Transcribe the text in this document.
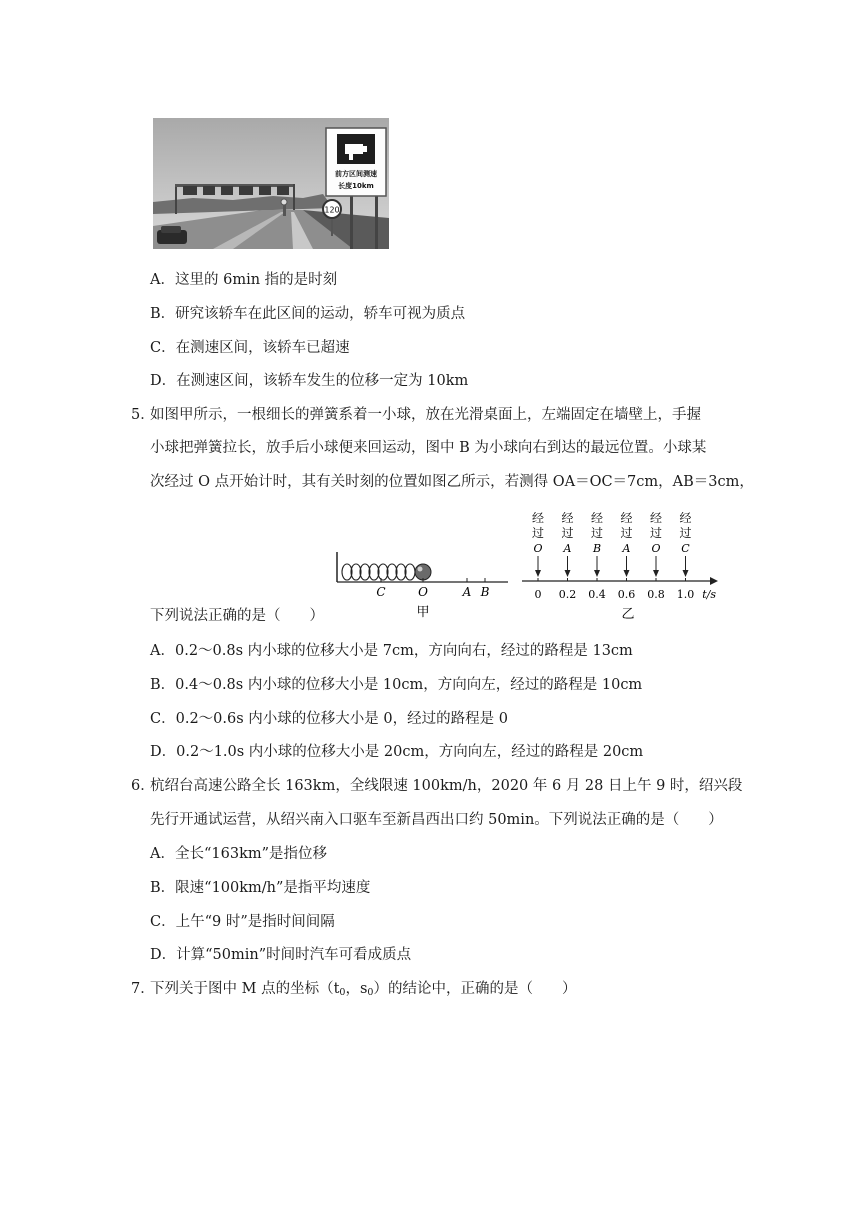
120
前方区间测速
长度10km
A．这里的 6min 指的是时刻
B．研究该轿车在此区间的运动，轿车可视为质点
C．在测速区间，该轿车已超速
D．在测速区间，该轿车发生的位移一定为 10km
5．
如图甲所示，一根细长的弹簧系着一小球，放在光滑桌面上，左端固定在墙壁上，手握
小球把弹簧拉长，放手后小球便来回运动，图中 B 为小球向右到达的最远位置。小球某
次经过 O 点开始计时，其有关时刻的位置如图乙所示，若测得 OA＝OC＝7cm，AB＝3cm，
下列说法正确的是（　　）
C	O	A B
甲
经
过
O
0
经
过
A
0.2
经
过
B
0.4
经
过
A
0.6
经
过
O
0.8
经
过
C
1.0 t/s
乙
A．0.2～0.8s 内小球的位移大小是 7cm，方向向右，经过的路程是 13cm
B．0.4～0.8s 内小球的位移大小是 10cm，方向向左，经过的路程是 10cm
C．0.2～0.6s 内小球的位移大小是 0，经过的路程是 0
D．0.2～1.0s 内小球的位移大小是 20cm，方向向左，经过的路程是 20cm
6．
杭绍台高速公路全长 163km，全线限速 100km/h，2020 年 6 月 28 日上午 9 时，绍兴段
先行开通试运营，从绍兴南入口驱车至新昌西出口约 50min。下列说法正确的是（　　）
A．全长“163km”是指位移
B．限速“100km/h”是指平均速度
C．上午“9 时”是指时间间隔
D．计算“50min”时间时汽车可看成质点
7．
下列关于图中 M 点的坐标（$t_0$，$s_0$）的结论中，正确的是（　　）
